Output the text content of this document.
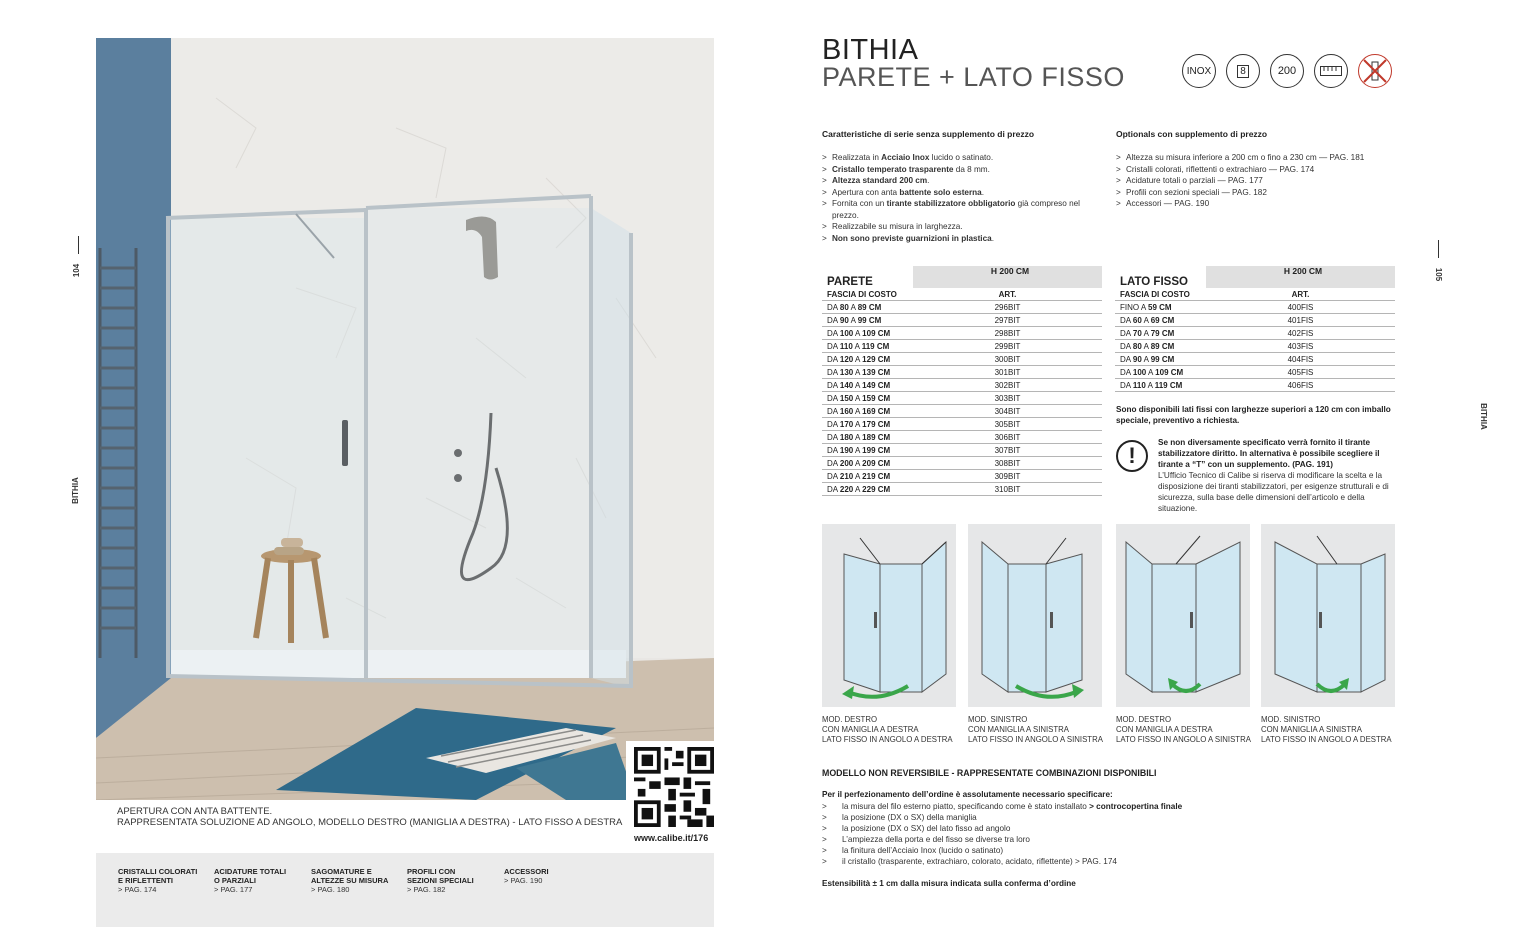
104
BITHIA
APERTURA CON ANTA BATTENTE.
RAPPRESENTATA SOLUZIONE AD ANGOLO, MODELLO DESTRO (MANIGLIA A DESTRA) - LATO FISSO A DESTRA
www.calibe.it/176
CRISTALLI COLORATI
E RIFLETTENTI
> PAG. 174
ACIDATURE TOTALI
O PARZIALI
> PAG. 177
SAGOMATURE E
ALTEZZE SU MISURA
> PAG. 180
PROFILI CON
SEZIONI SPECIALI
> PAG. 182
ACCESSORI
> PAG. 190
105
BITHIA
BITHIA
PARETE + LATO FISSO	INOX	8	200
Caratteristiche di serie senza supplemento di prezzo
> Realizzata in Acciaio Inox lucido o satinato.
> Cristallo temperato trasparente da 8 mm.
> Altezza standard 200 cm.
> Apertura con anta battente solo esterna.
> Fornita con un tirante stabilizzatore obbligatorio già compreso nel prezzo.
> Realizzabile su misura in larghezza.
> Non sono previste guarnizioni in plastica.
Optionals con supplemento di prezzo
> Altezza su misura inferiore a 200 cm o fino a 230 cm — PAG. 181
> Cristalli colorati, riflettenti o extrachiaro — PAG. 174
> Acidature totali o parziali — PAG. 177
> Profili con sezioni speciali — PAG. 182
> Accessori — PAG. 190
PARETE	H 200 CM
FASCIA DI COSTO	ART.
DA 80 A 89 CM	296BIT
DA 90 A 99 CM	297BIT
DA 100 A 109 CM	298BIT
DA 110 A 119 CM	299BIT
DA 120 A 129 CM	300BIT
DA 130 A 139 CM	301BIT
DA 140 A 149 CM	302BIT
DA 150 A 159 CM	303BIT
DA 160 A 169 CM	304BIT
DA 170 A 179 CM	305BIT
DA 180 A 189 CM	306BIT
DA 190 A 199 CM	307BIT
DA 200 A 209 CM	308BIT
DA 210 A 219 CM	309BIT
DA 220 A 229 CM	310BIT
LATO FISSO	H 200 CM
FASCIA DI COSTO	ART.
FINO A 59 CM	400FIS
DA 60 A 69 CM	401FIS
DA 70 A 79 CM	402FIS
DA 80 A 89 CM	403FIS
DA 90 A 99 CM	404FIS
DA 100 A 109 CM	405FIS
DA 110 A 119 CM	406FIS
Sono disponibili lati fissi con larghezze superiori a 120 cm con imballo speciale, preventivo a richiesta.
!
Se non diversamente specificato verrà fornito il tirante stabilizzatore diritto. In alternativa è possibile scegliere il tirante a “T” con un supplemento. (PAG. 191)
L’Ufficio Tecnico di Calibe si riserva di modificare la scelta e la disposizione dei tiranti stabilizzatori, per esigenze strutturali e di sicurezza, sulla base delle dimensioni dell’articolo e della situazione.
MOD. DESTRO
CON MANIGLIA A DESTRA
LATO FISSO IN ANGOLO A DESTRA
MOD. SINISTRO
CON MANIGLIA A SINISTRA
LATO FISSO IN ANGOLO A SINISTRA
MOD. DESTRO
CON MANIGLIA A DESTRA
LATO FISSO IN ANGOLO A SINISTRA
MOD. SINISTRO
CON MANIGLIA A SINISTRA
LATO FISSO IN ANGOLO A DESTRA
MODELLO NON REVERSIBILE - RAPPRESENTATE COMBINAZIONI DISPONIBILI
Per il perfezionamento dell’ordine è assolutamente necessario specificare:
> la misura del filo esterno piatto, specificando come è stato installato > controcopertina finale
> la posizione (DX o SX) della maniglia
> la posizione (DX o SX) del lato fisso ad angolo
> L’ampiezza della porta e del fisso se diverse tra loro
> la finitura dell’Acciaio Inox (lucido o satinato)
> il cristallo (trasparente, extrachiaro, colorato, acidato, riflettente) > PAG. 174
Estensibilità ± 1 cm dalla misura indicata sulla conferma d’ordine
